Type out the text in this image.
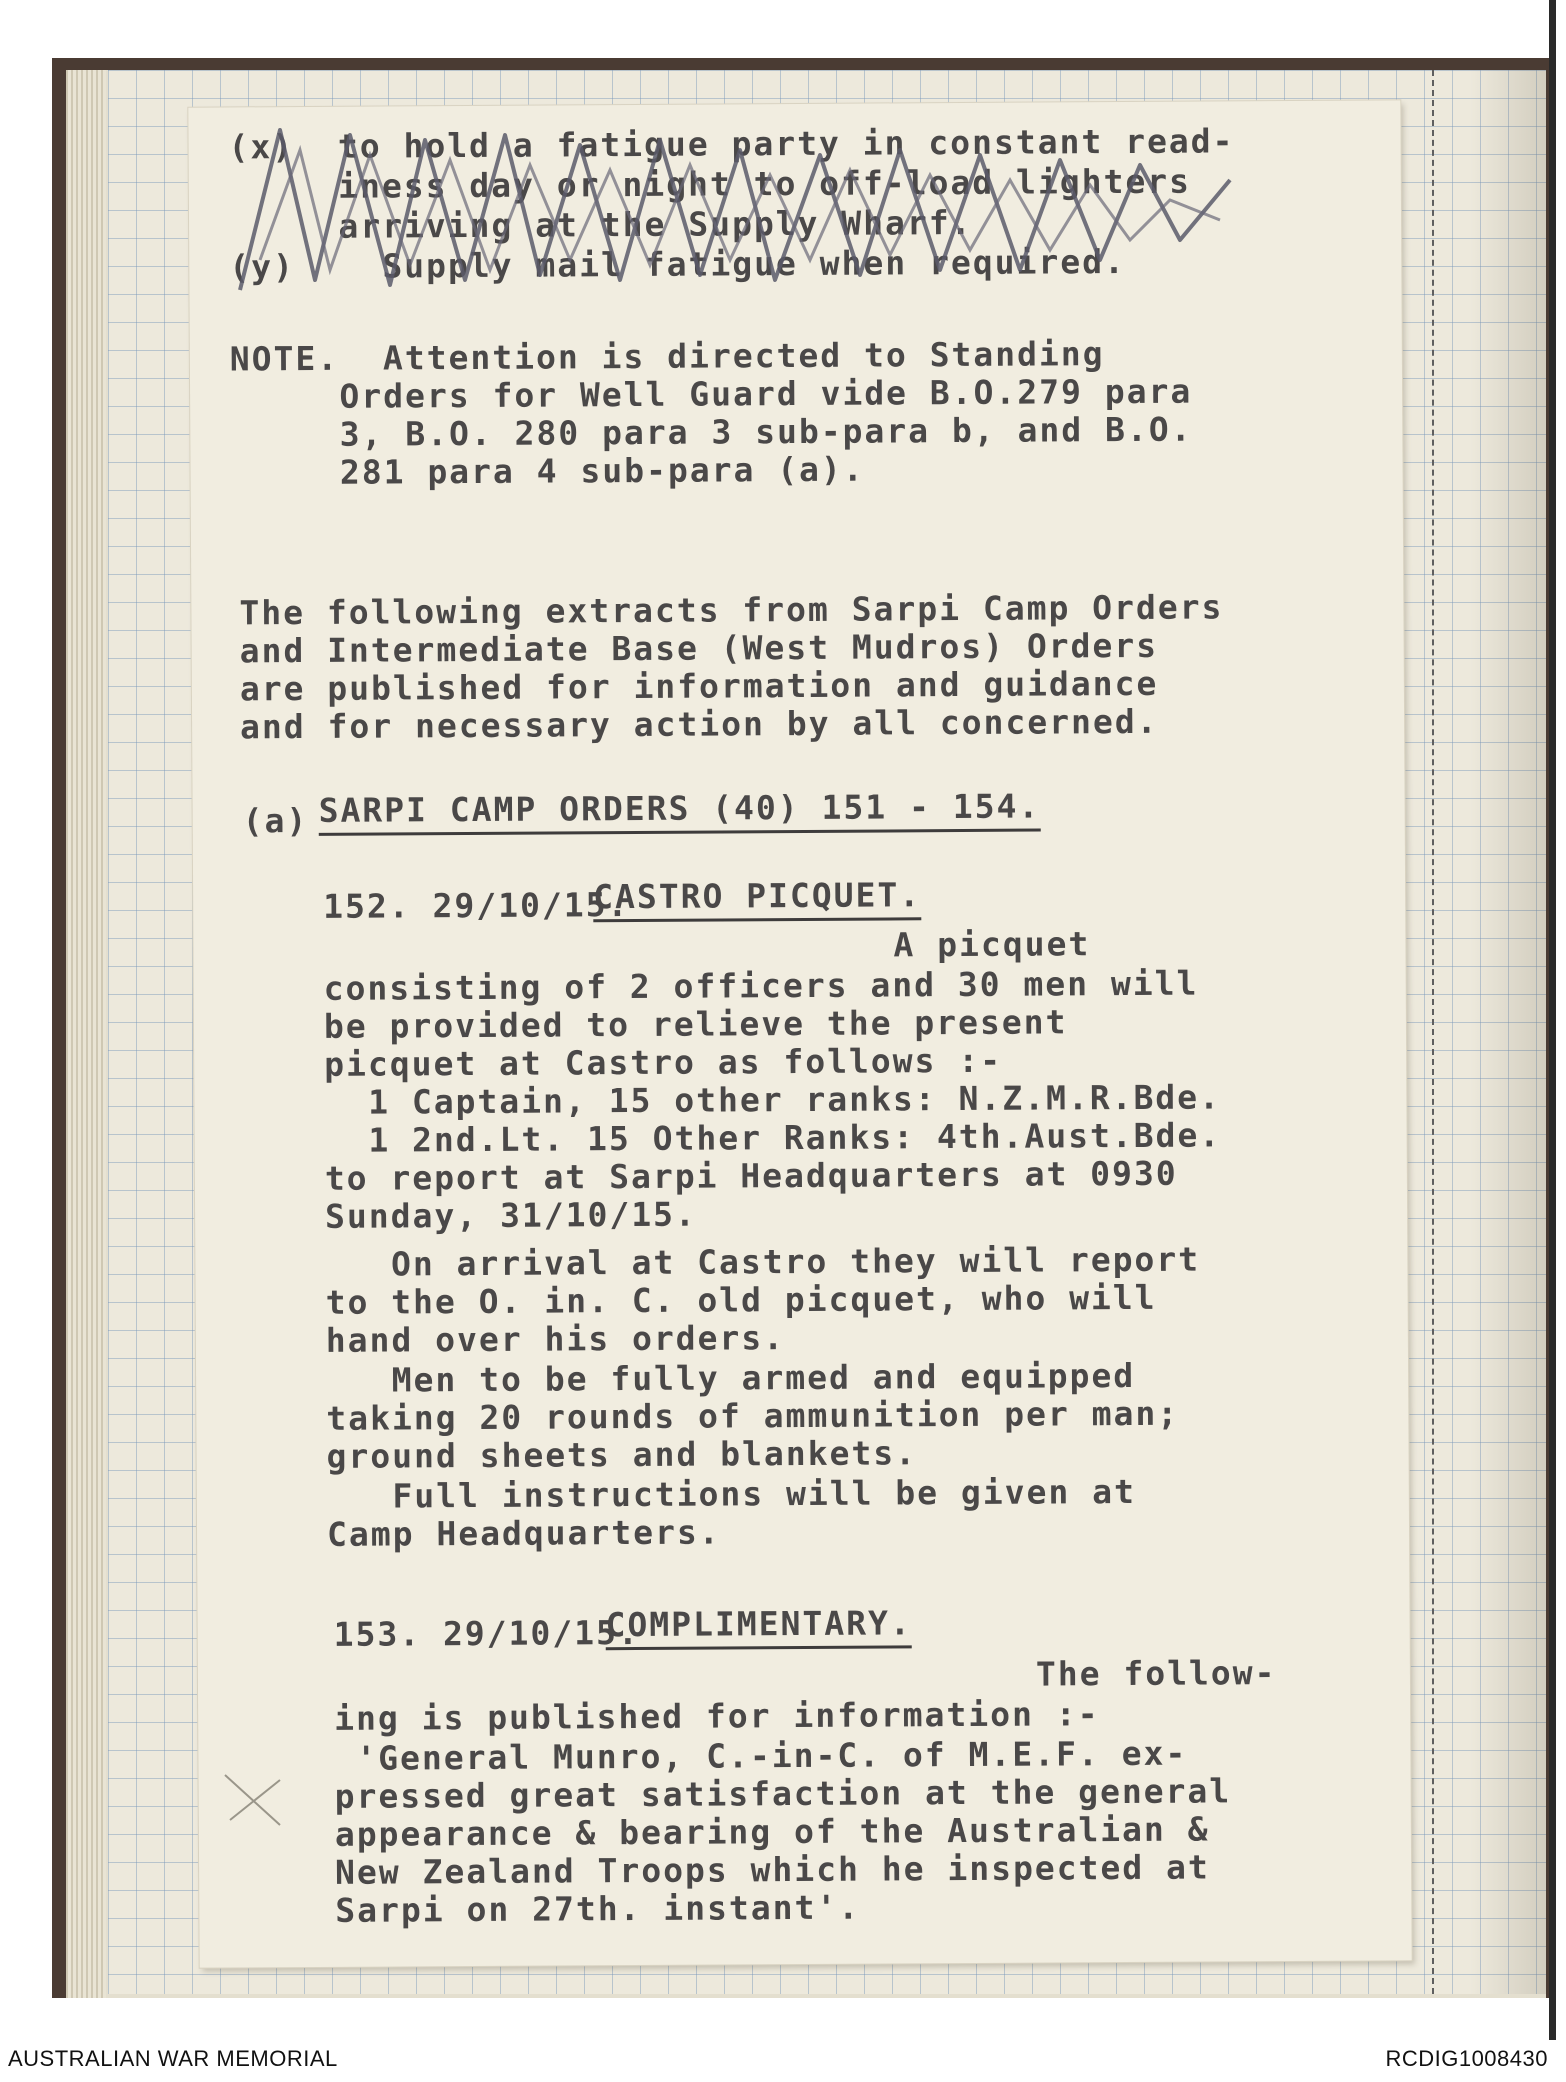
(x)  to hold a fatigue party in constant read-
iness day or night to off-load lighters
arriving at the Supply Wharf.
(y)    Supply mail fatigue when required.
NOTE.  Attention is directed to Standing
Orders for Well Guard vide B.O.279 para
3, B.O. 280 para 3 sub-para b, and B.O.
281 para 4 sub-para (a).
The following extracts from Sarpi Camp Orders
and Intermediate Base (West Mudros) Orders
are published for information and guidance
and for necessary action by all concerned.
(a) SARPI CAMP ORDERS (40) 151 - 154.
152. 29/10/15.
CASTRO PICQUET.
A picquet
consisting of 2 officers and 30 men will
be provided to relieve the present
picquet at Castro as follows :-
1 Captain, 15 other ranks: N.Z.M.R.Bde.
1 2nd.Lt. 15 Other Ranks: 4th.Aust.Bde.
to report at Sarpi Headquarters at 0930
Sunday, 31/10/15.
On arrival at Castro they will report
to the O. in. C. old picquet, who will
hand over his orders.
Men to be fully armed and equipped
taking 20 rounds of ammunition per man;
ground sheets and blankets.
Full instructions will be given at
Camp Headquarters.
153. 29/10/15.
COMPLIMENTARY.
The follow-
ing is published for information :-
'General Munro, C.-in-C. of M.E.F. ex-
pressed great satisfaction at the general
appearance & bearing of the Australian &
New Zealand Troops which he inspected at
Sarpi on 27th. instant'.
AUSTRALIAN WAR MEMORIAL	RCDIG1008430
